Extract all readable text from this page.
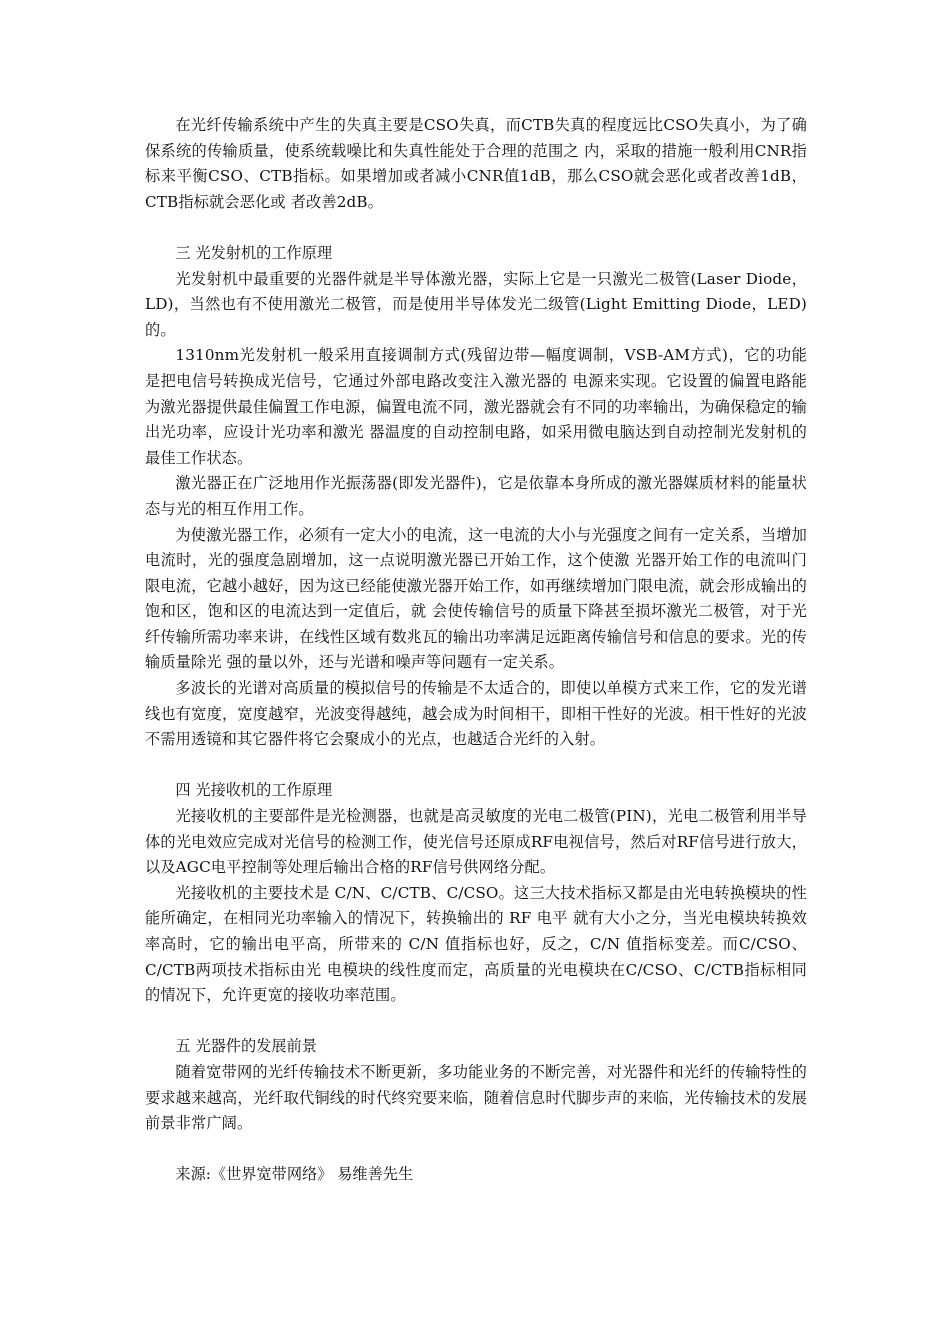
在光纤传输系统中产生的失真主要是CSO失真，而CTB失真的程度远比CSO失真小，为了确保系统的传输质量，使系统载噪比和失真性能处于合理的范围之 内，采取的措施一般利用CNR指标来平衡CSO、CTB指标。如果增加或者减小CNR值1dB，那么CSO就会恶化或者改善1dB，CTB指标就会恶化或 者改善2dB。

三 光发射机的工作原理

光发射机中最重要的光器件就是半导体激光器，实际上它是一只激光二极管(Laser Diode，LD)，当然也有不使用激光二极管，而是使用半导体发光二级管(Light Emitting Diode，LED)的。

1310nm光发射机一般采用直接调制方式(残留边带—幅度调制，VSB-AM方式)，它的功能是把电信号转换成光信号，它通过外部电路改变注入激光器的 电源来实现。它设置的偏置电路能为激光器提供最佳偏置工作电源，偏置电流不同，激光器就会有不同的功率输出，为确保稳定的输出光功率，应设计光功率和激光 器温度的自动控制电路，如采用微电脑达到自动控制光发射机的最佳工作状态。

激光器正在广泛地用作光振荡器(即发光器件)，它是依靠本身所成的激光器媒质材料的能量状态与光的相互作用工作。

为使激光器工作，必须有一定大小的电流，这一电流的大小与光强度之间有一定关系，当增加电流时，光的强度急剧增加，这一点说明激光器已开始工作，这个使激 光器开始工作的电流叫门限电流，它越小越好，因为这已经能使激光器开始工作，如再继续增加门限电流，就会形成输出的饱和区，饱和区的电流达到一定值后，就 会使传输信号的质量下降甚至损坏激光二极管，对于光纤传输所需功率来讲，在线性区域有数兆瓦的输出功率满足远距离传输信号和信息的要求。光的传输质量除光 强的量以外，还与光谱和噪声等问题有一定关系。

多波长的光谱对高质量的模拟信号的传输是不太适合的，即使以单模方式来工作，它的发光谱线也有宽度，宽度越窄，光波变得越纯，越会成为时间相干，即相干性好的光波。相干性好的光波不需用透镜和其它器件将它会聚成小的光点，也越适合光纤的入射。

四 光接收机的工作原理

光接收机的主要部件是光检测器，也就是高灵敏度的光电二极管(PIN)，光电二极管利用半导体的光电效应完成对光信号的检测工作，使光信号还原成RF电视信号，然后对RF信号进行放大，以及AGC电平控制等处理后输出合格的RF信号供网络分配。

光接收机的主要技术是 C/N、C/CTB、C/CSO。这三大技术指标又都是由光电转换模块的性能所确定，在相同光功率输入的情况下，转换输出的 RF 电平 就有大小之分，当光电模块转换效率高时，它的输出电平高，所带来的 C/N 值指标也好，反之，C/N 值指标变差。而C/CSO、C/CTB两项技术指标由光 电模块的线性度而定，高质量的光电模块在C/CSO、C/CTB指标相同的情况下，允许更宽的接收功率范围。

五 光器件的发展前景

随着宽带网的光纤传输技术不断更新，多功能业务的不断完善，对光器件和光纤的传输特性的要求越来越高，光纤取代铜线的时代终究要来临，随着信息时代脚步声的来临，光传输技术的发展前景非常广阔。

来源:《世界宽带网络》 易维善先生
